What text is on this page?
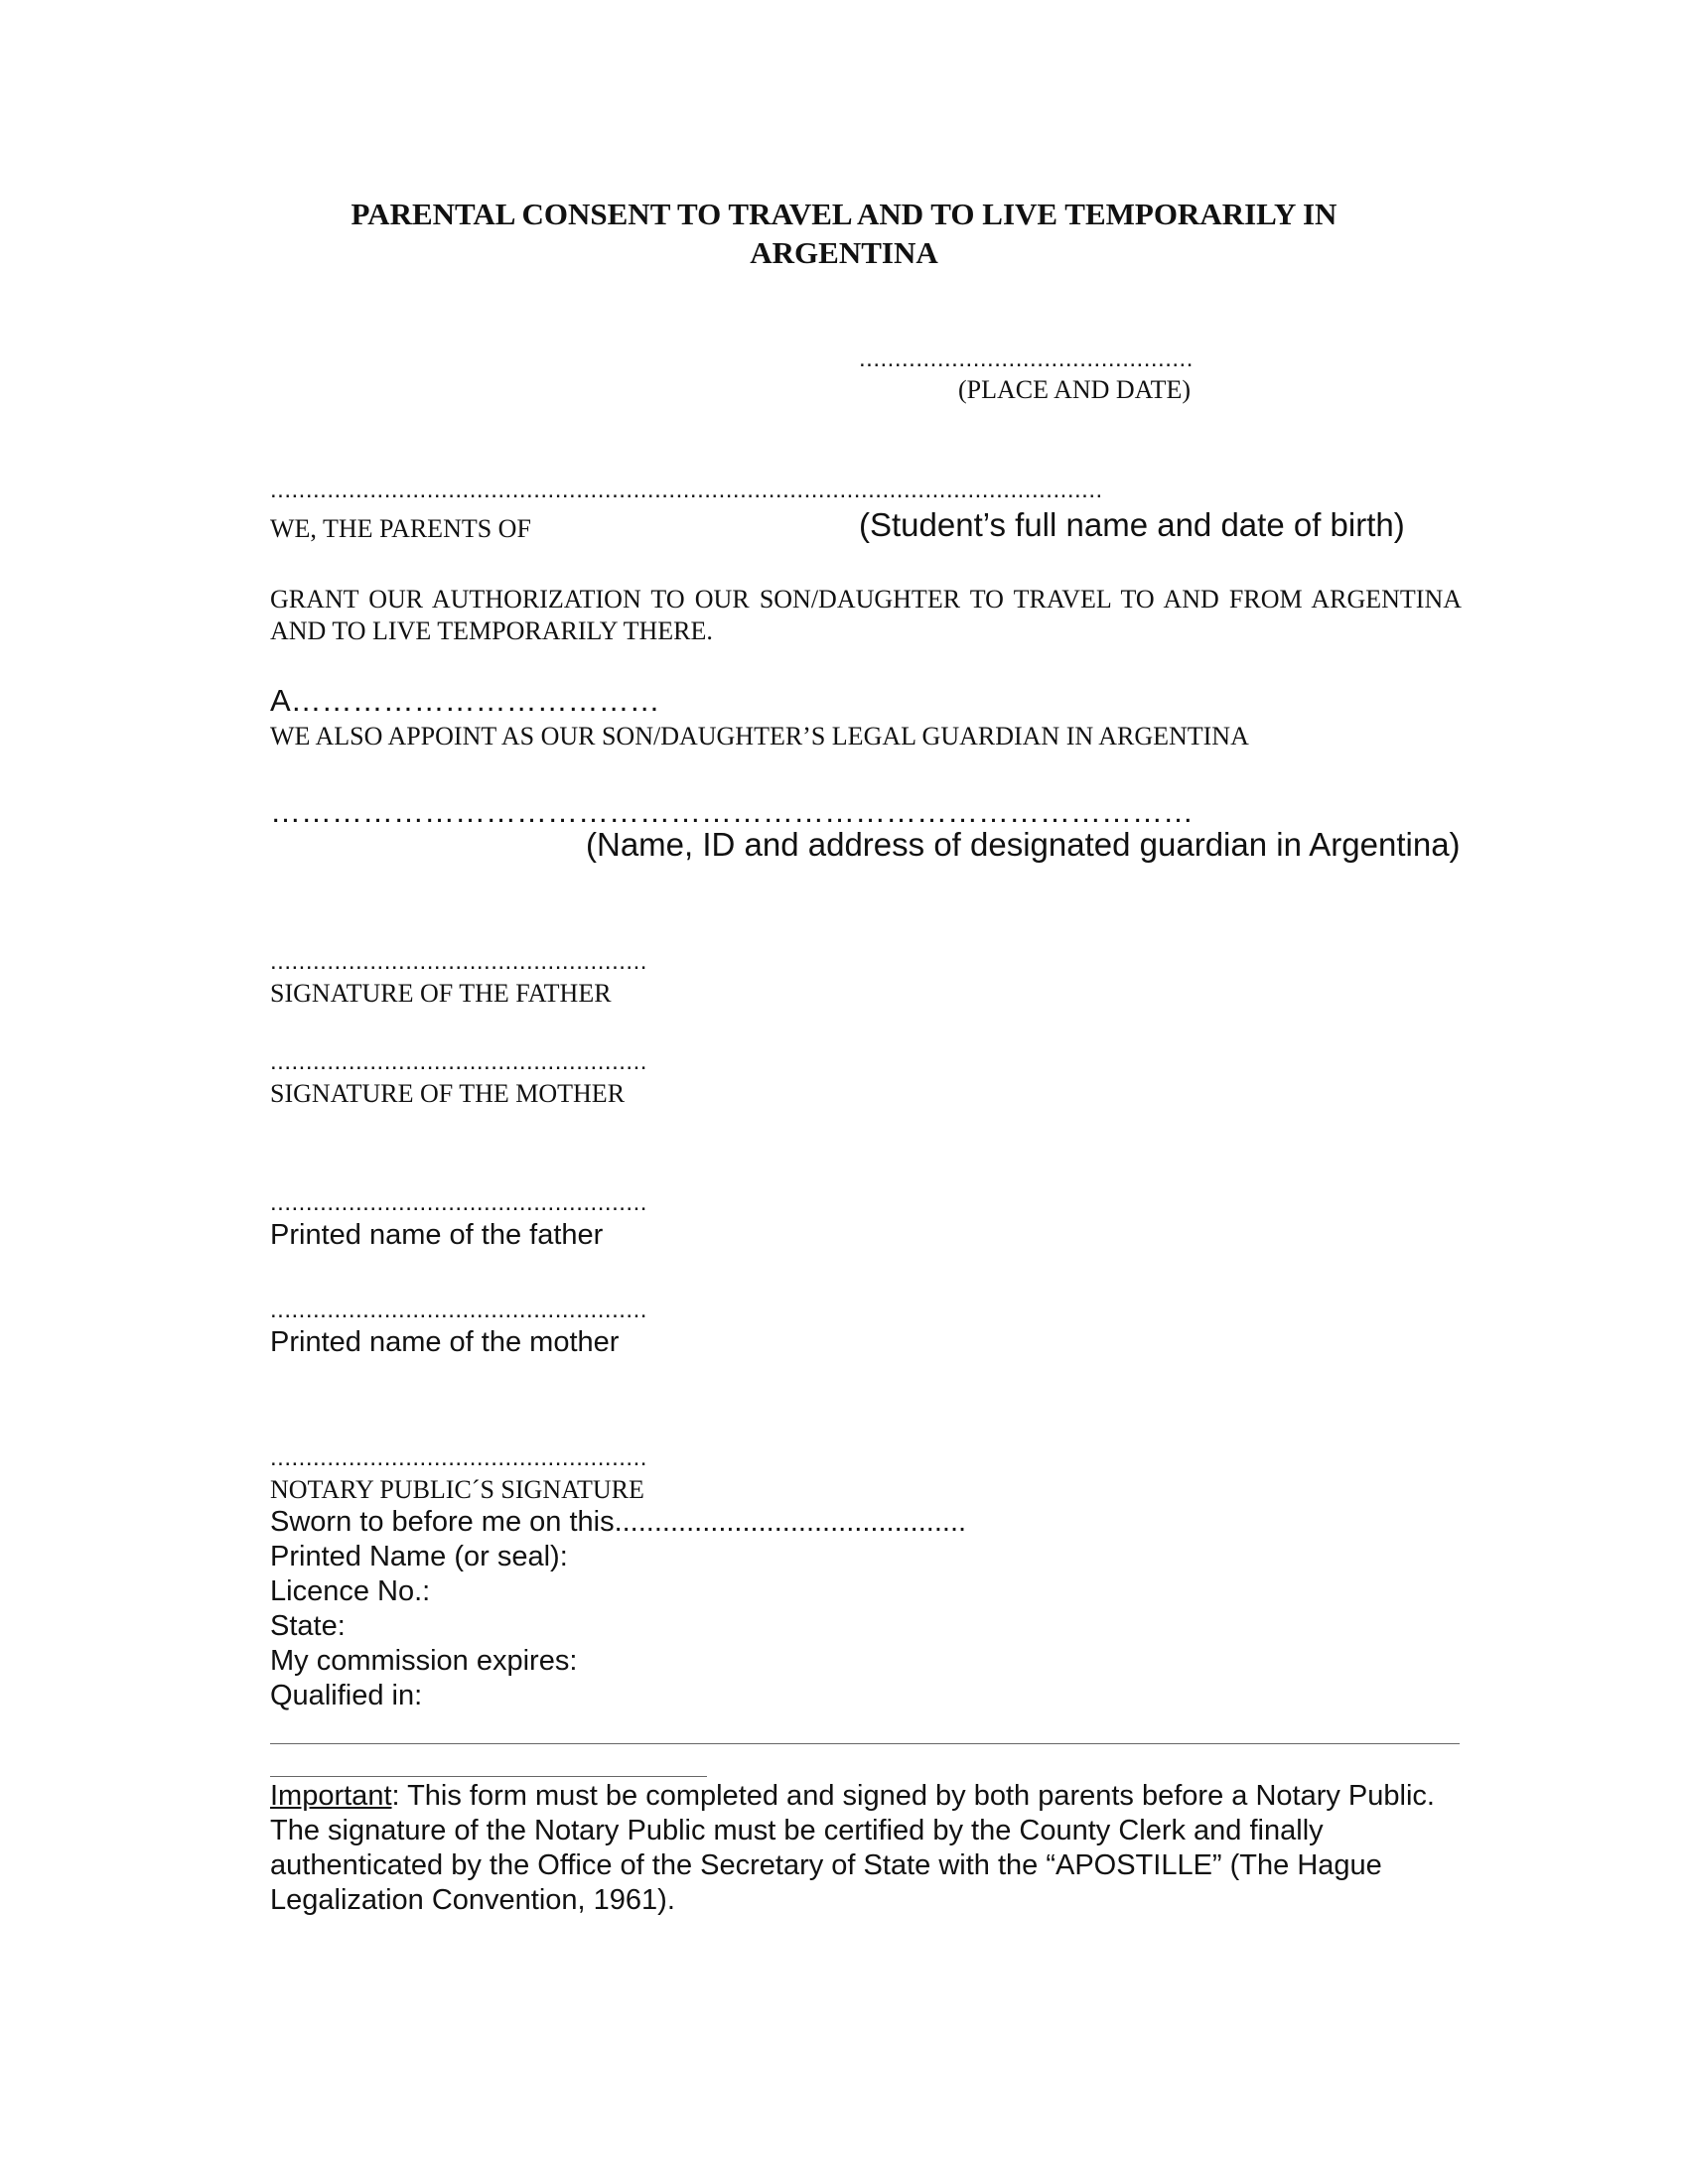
PARENTAL CONSENT TO TRAVEL AND TO LIVE TEMPORARILY IN
ARGENTINA
...............................................
(PLACE AND DATE)
.....................................................................................................................
WE, THE PARENTS OF	(Student’s full name and date of birth)
GRANT OUR AUTHORIZATION TO OUR SON/DAUGHTER TO TRAVEL TO AND FROM ARGENTINA AND TO LIVE TEMPORARILY THERE.
A………………………………
WE ALSO APPOINT AS OUR SON/DAUGHTER’S LEGAL GUARDIAN IN ARGENTINA
………………………………………………………………………………
(Name, ID and address of designated guardian in Argentina)
.....................................................
SIGNATURE OF THE FATHER
.....................................................
SIGNATURE OF THE MOTHER
.....................................................
Printed name of the father
.....................................................
Printed name of the mother
.....................................................
NOTARY PUBLIC´S SIGNATURE
Sworn to before me on this............................................
Printed Name (or seal):
Licence No.:
State:
My commission expires:
Qualified in:
Important: This form must be completed and signed by both parents before a Notary Public. The signature of the Notary Public must be certified by the County Clerk and finally authenticated by the Office of the Secretary of State with the “APOSTILLE” (The Hague Legalization Convention, 1961).
